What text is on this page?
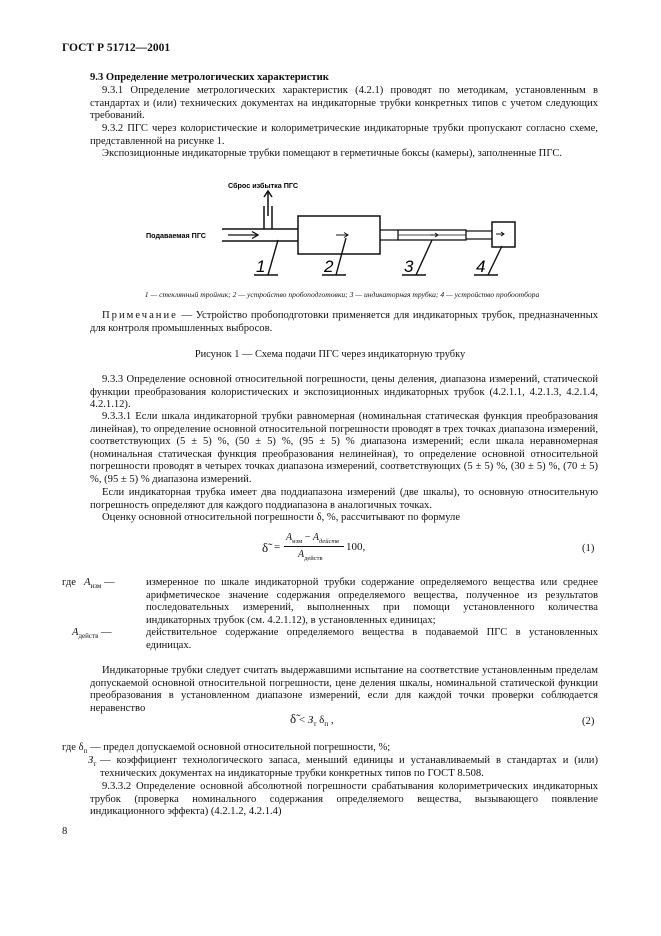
ГОСТ Р 51712—2001
9.3 Определение метрологических характеристик
9.3.1 Определение метрологических характеристик (4.2.1) проводят по методикам, установленным в стандартах и (или) технических документах на индикаторные трубки конкретных типов с учетом следующих требований.
9.3.2 ПГС через колористические и колориметрические индикаторные трубки пропускают согласно схеме, представленной на рисунке 1.
Экспозиционные индикаторные трубки помещают в герметичные боксы (камеры), заполненные ПГС.
Сброс избытка ПГС
Подаваемая ПГС
1	2	3	4
1 — стеклянный тройник; 2 — устройство пробоподготовки; 3 — индикаторная трубка; 4 — устройство пробоотбора
Примечание — Устройство пробоподготовки применяется для индикаторных трубок, предназначенных для контроля промышленных выбросов.
Рисунок 1 — Схема подачи ПГС через индикаторную трубку
9.3.3 Определение основной относительной погрешности, цены деления, диапазона измерений, статической функции преобразования колористических и экспозиционных индикаторных трубок (4.2.1.1, 4.2.1.3, 4.2.1.4, 4.2.1.12).
9.3.3.1 Если шкала индикаторной трубки равномерная (номинальная статическая функция преобразования линейная), то определение основной относительной погрешности проводят в трех точках диапазона измерений, соответствующих (5 ± 5) %, (50 ± 5) %, (95 ± 5) % диапазона измерений; если шкала неравномерная (номинальная статическая функция преобразования нелинейная), то определение основной относительной погрешности проводят в четырех точках диапазона измерений, соответствующих (5 ± 5) %, (30 ± 5) %, (70 ± 5) %, (95 ± 5) % диапазона измерений.
Если индикаторная трубка имеет два поддиапазона измерений (две шкалы), то основную относительную погрешность определяют для каждого поддиапазона в аналогичных точках.
Оценку основной относительной погрешности δ, %, рассчитывают по формуле
δ̃ =
$A_{изм} - A_{действ}$
$A_{действ}$
100,	(1)
где $A_{изм}$ —	измеренное по шкале индикаторной трубки содержание определяемого вещества или среднее арифметическое значение содержания определяемого вещества, полученное из результатов последовательных измерений, выполненных при помощи установленного количества индикаторных трубок (см. 4.2.1.12), в установленных единицах;
$A_{действ}$ —	действительное содержание определяемого вещества в подаваемой ПГС в установленных единицах.
Индикаторные трубки следует считать выдержавшими испытание на соответствие установленным пределам допускаемой основной относительной погрешности, цене деления шкалы, номинальной статической функции преобразования в установленном диапазоне измерений, если для каждой точки проверки соблюдается неравенство
δ̃ < $З_т$ $\delta_п$ ,	(2)
где $\delta_п$ — предел допускаемой основной относительной погрешности, %;
$З_т$ — коэффициент технологического запаса, меньший единицы и устанавливаемый в стандартах и (или) технических документах на индикаторные трубки конкретных типов по ГОСТ 8.508.
9.3.3.2 Определение основной абсолютной погрешности срабатывания колориметрических индикаторных трубок (проверка номинального содержания определяемого вещества, вызывающего появление индикационного эффекта) (4.2.1.2, 4.2.1.4)
8
